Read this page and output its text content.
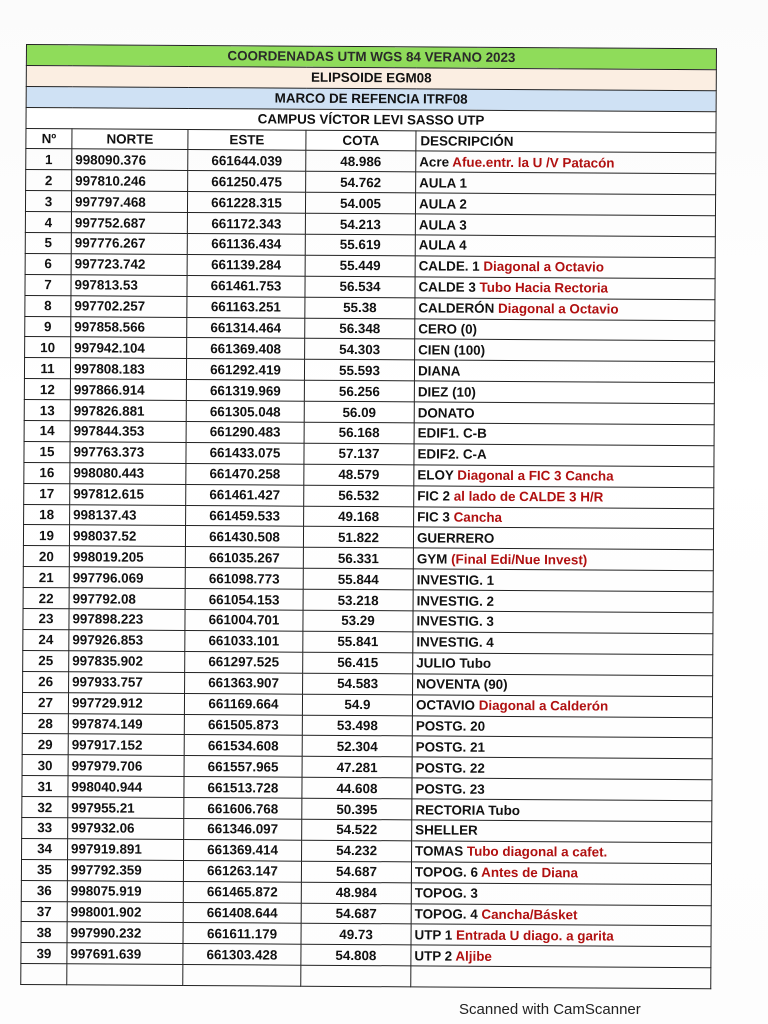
COORDENADAS UTM WGS 84 VERANO 2023				
ELIPSOIDE EGM08				
MARCO DE REFENCIA ITRF08				
CAMPUS VÍCTOR LEVI SASSO UTP				
Nº	NORTE	ESTE	COTA	DESCRIPCIÓN
1	998090.376	661644.039	48.986	Acre Afue.entr. la U /V Patacón
2	997810.246	661250.475	54.762	AULA 1
3	997797.468	661228.315	54.005	AULA 2
4	997752.687	661172.343	54.213	AULA 3
5	997776.267	661136.434	55.619	AULA 4
6	997723.742	661139.284	55.449	CALDE. 1 Diagonal a Octavio
7	997813.53	661461.753	56.534	CALDE 3 Tubo Hacia Rectoria
8	997702.257	661163.251	55.38	CALDERÓN Diagonal a Octavio
9	997858.566	661314.464	56.348	CERO (0)
10	997942.104	661369.408	54.303	CIEN (100)
11	997808.183	661292.419	55.593	DIANA
12	997866.914	661319.969	56.256	DIEZ (10)
13	997826.881	661305.048	56.09	DONATO
14	997844.353	661290.483	56.168	EDIF1. C-B
15	997763.373	661433.075	57.137	EDIF2. C-A
16	998080.443	661470.258	48.579	ELOY Diagonal a FIC 3 Cancha
17	997812.615	661461.427	56.532	FIC 2 al lado de CALDE 3 H/R
18	998137.43	661459.533	49.168	FIC 3 Cancha
19	998037.52	661430.508	51.822	GUERRERO
20	998019.205	661035.267	56.331	GYM (Final Edi/Nue Invest)
21	997796.069	661098.773	55.844	INVESTIG. 1
22	997792.08	661054.153	53.218	INVESTIG. 2
23	997898.223	661004.701	53.29	INVESTIG. 3
24	997926.853	661033.101	55.841	INVESTIG. 4
25	997835.902	661297.525	56.415	JULIO Tubo
26	997933.757	661363.907	54.583	NOVENTA (90)
27	997729.912	661169.664	54.9	OCTAVIO Diagonal a Calderón
28	997874.149	661505.873	53.498	POSTG. 20
29	997917.152	661534.608	52.304	POSTG. 21
30	997979.706	661557.965	47.281	POSTG. 22
31	998040.944	661513.728	44.608	POSTG. 23
32	997955.21	661606.768	50.395	RECTORIA Tubo
33	997932.06	661346.097	54.522	SHELLER
34	997919.891	661369.414	54.232	TOMAS Tubo diagonal a cafet.
35	997792.359	661263.147	54.687	TOPOG. 6 Antes de Diana
36	998075.919	661465.872	48.984	TOPOG. 3
37	998001.902	661408.644	54.687	TOPOG. 4 Cancha/Básket
38	997990.232	661611.179	49.73	UTP 1 Entrada U diago. a garita
39	997691.639	661303.428	54.808	UTP 2 Aljibe

Scanned with CamScanner
